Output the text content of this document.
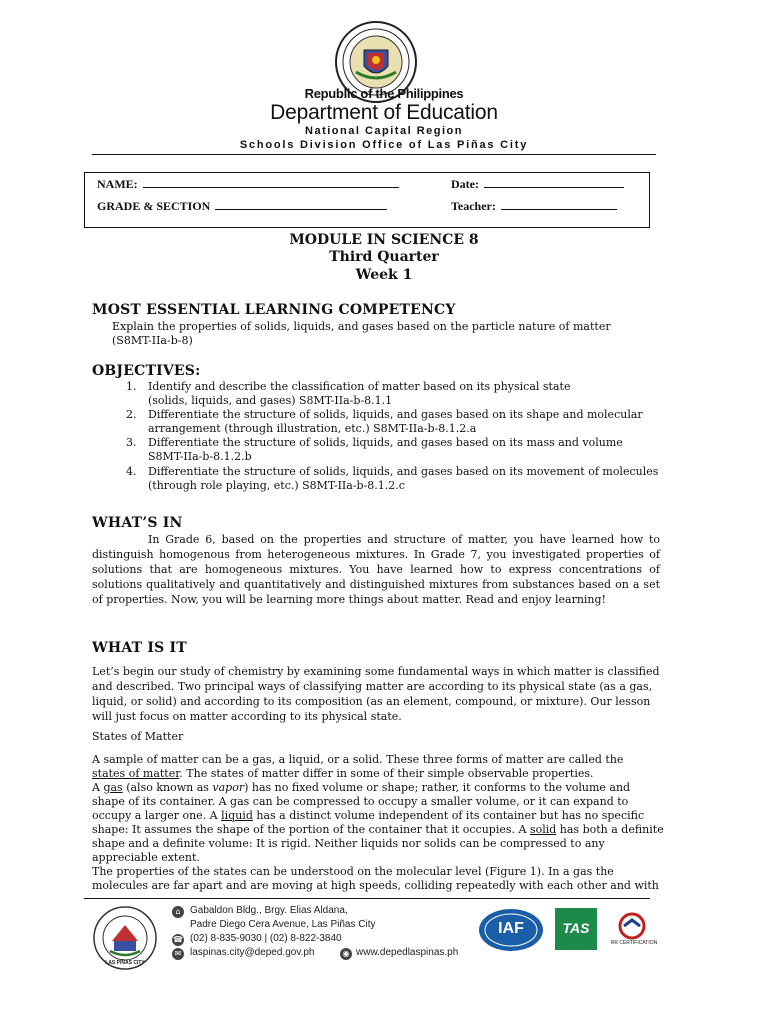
Republic of the Philippines
Department of Education
National Capital Region
Schools Division Office of Las Piñas City
NAME:	Date:
GRADE & SECTION	Teacher:
MODULE IN SCIENCE 8
Third Quarter
Week 1
MOST ESSENTIAL LEARNING COMPETENCY
Explain the properties of solids, liquids, and gases based on the particle nature of matter
(S8MT-IIa-b-8)
OBJECTIVES:
1.	Identify and describe the classification of matter based on its physical state
(solids, liquids, and gases) S8MT-IIa-b-8.1.1
2.	Differentiate the structure of solids, liquids, and gases based on its shape and molecular
arrangement (through illustration, etc.) S8MT-IIa-b-8.1.2.a
3.	Differentiate the structure of solids, liquids, and gases based on its mass and volume
S8MT-IIa-b-8.1.2.b
4.	Differentiate the structure of solids, liquids, and gases based on its movement of molecules
(through role playing, etc.) S8MT-IIa-b-8.1.2.c
WHAT’S IN
In Grade 6, based on the properties and structure of matter, you have learned how to
distinguish homogenous from heterogeneous mixtures. In Grade 7, you investigated properties of
solutions that are homogeneous mixtures. You have learned how to express concentrations of
solutions qualitatively and quantitatively and distinguished mixtures from substances based on a set
of properties. Now, you will be learning more things about matter. Read and enjoy learning!
WHAT IS IT
Let’s begin our study of chemistry by examining some fundamental ways in which matter is classified
and described. Two principal ways of classifying matter are according to its physical state (as a gas,
liquid, or solid) and according to its composition (as an element, compound, or mixture). Our lesson
will just focus on matter according to its physical state.
States of Matter
A sample of matter can be a gas, a liquid, or a solid. These three forms of matter are called the
states of matter. The states of matter differ in some of their simple observable properties.
A gas (also known as vapor) has no fixed volume or shape; rather, it conforms to the volume and
shape of its container. A gas can be compressed to occupy a smaller volume, or it can expand to
occupy a larger one. A liquid has a distinct volume independent of its container but has no specific
shape: It assumes the shape of the portion of the container that it occupies. A solid has both a definite
shape and a definite volume: It is rigid. Neither liquids nor solids can be compressed to any
appreciable extent.
The properties of the states can be understood on the molecular level (Figure 1). In a gas the
molecules are far apart and are moving at high speeds, colliding repeatedly with each other and with
LAS PIÑAS CITY
⌂ Gabaldon Bldg., Brgy. Elias Aldana,
Padre Diego Cera Avenue, Las Piñas City
☎ (02) 8-835-9030 | (02) 8-822-3840
✉ laspinas.city@deped.gov.ph	◉ www.depedlaspinas.ph
IAF	TAS
RR CERTIFICATION
